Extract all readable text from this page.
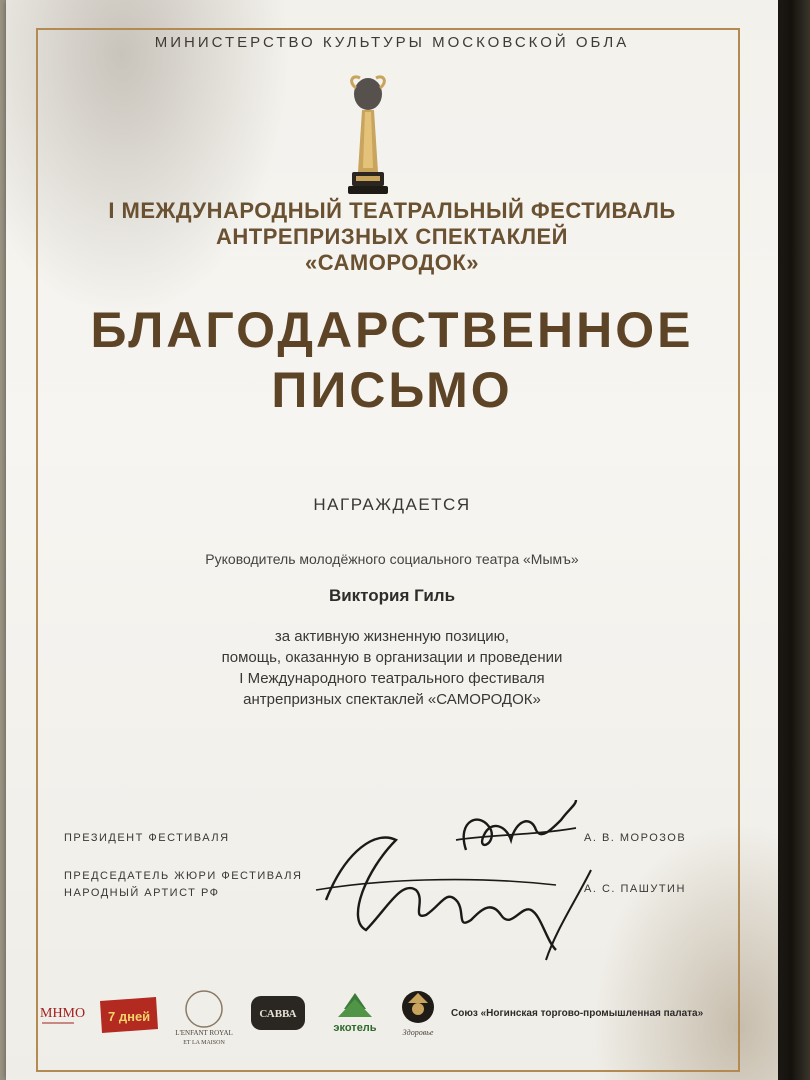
МИНИСТЕРСТВО КУЛЬТУРЫ МОСКОВСКОЙ ОБЛА
I МЕЖДУНАРОДНЫЙ ТЕАТРАЛЬНЫЙ ФЕСТИВАЛЬ
АНТРЕПРИЗНЫХ СПЕКТАКЛЕЙ
«САМОРОДОК»
БЛАГОДАРСТВЕННОЕ
ПИСЬМО
НАГРАЖДАЕТСЯ
Руководитель молодёжного социального театра «Мымъ»
Виктория Гиль
за активную жизненную позицию,
помощь, оказанную в организации и проведении
I Международного театрального фестиваля
антрепризных спектаклей «САМОРОДОК»
ПРЕЗИДЕНТ ФЕСТИВАЛЯ	А. В. МОРОЗОВ
ПРЕДСЕДАТЕЛЬ ЖЮРИ ФЕСТИВАЛЯ
НАРОДНЫЙ АРТИСТ РФ	А. С. ПАШУТИН
МНМО 7 дней
L'ENFANT ROYAL
ET LA MAISON
САВВА
экотель	Здоровье
Союз «Ногинская торгово-промышленная палата»
